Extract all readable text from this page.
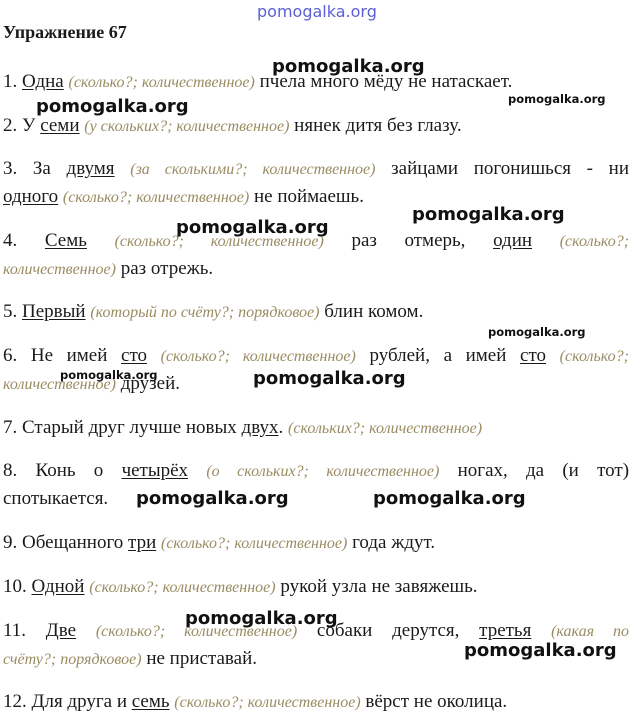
pomogalka.org
Упражнение 67
1. Одна (сколько?; количественное) пчела много мёду не натаскает.
2. У семи (у скольких?; количественное) нянек дитя без глазу.
3. За двумя (за сколькими?; количественное) зайцами погонишься - ни
одного (сколько?; количественное) не поймаешь.
4. Семь (сколько?; количественное) раз отмерь, один (сколько?;
количественное) раз отрежь.
5. Первый (который по счёту?; порядковое) блин комом.
6. Не имей сто (сколько?; количественное) рублей, а имей сто (сколько?;
количественное) друзей.
7. Старый друг лучше новых двух. (скольких?; количественное)
8. Конь о четырёх (о скольких?; количественное) ногах, да (и тот)
спотыкается.
9. Обещанного три (сколько?; количественное) года ждут.
10. Одной (сколько?; количественное) рукой узла не завяжешь.
11. Две (сколько?; количественное) собаки дерутся, третья (какая по
счёту?; порядковое) не приставай.
12. Для друга и семь (сколько?; количественное) вёрст не околица.
pomogalka.org
pomogalka.org	pomogalka.org
pomogalka.org
pomogalka.org
pomogalka.org
pomogalka.org	pomogalka.org
pomogalka.org	pomogalka.org
pomogalka.org
pomogalka.org
